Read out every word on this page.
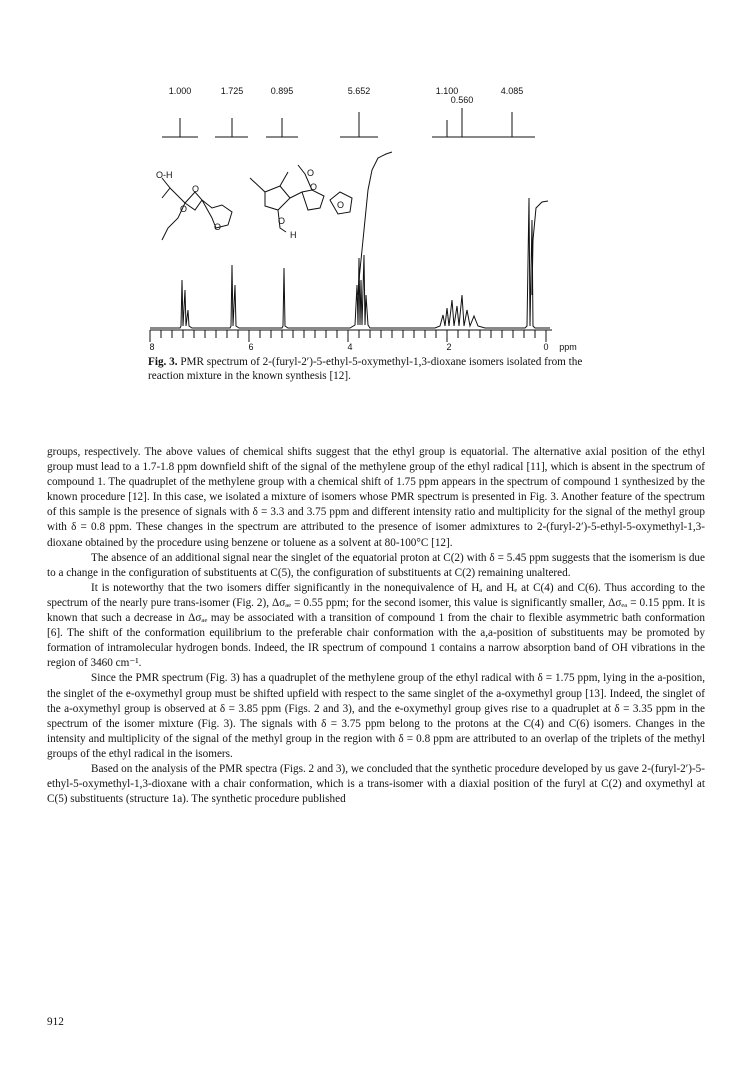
O-H
O
O
O
O
O
O
O
H
1.000	1.725	0.895	5.652	1.100
0.560
4.085
8	6	4	2	0 ppm
Fig. 3. PMR spectrum of 2-(furyl-2′)-5-ethyl-5-oxymethyl-1,3-dioxane isomers isolated from the reaction mixture in the known synthesis [12].

groups, respectively. The above values of chemical shifts suggest that the ethyl group is equatorial. The alternative axial position of the ethyl group must lead to a 1.7-1.8 ppm downfield shift of the signal of the methylene group of the ethyl radical [11], which is absent in the spectrum of compound 1. The quadruplet of the methylene group with a chemical shift of 1.75 ppm appears in the spectrum of compound 1 synthesized by the known procedure [12]. In this case, we isolated a mixture of isomers whose PMR spectrum is presented in Fig. 3. Another feature of the spectrum of this sample is the presence of signals with δ = 3.3 and 3.75 ppm and different intensity ratio and multiplicity for the signal of the methyl group with δ = 0.8 ppm. These changes in the spectrum are attributed to the presence of isomer admixtures to 2-(furyl-2′)-5-ethyl-5-oxymethyl-1,3-dioxane obtained by the procedure using benzene or toluene as a solvent at 80-100°C [12].

The absence of an additional signal near the singlet of the equatorial proton at C(2) with δ = 5.45 ppm suggests that the isomerism is due to a change in the configuration of substituents at C(5), the configuration of substituents at C(2) remaining unaltered.

It is noteworthy that the two isomers differ significantly in the nonequivalence of Hₐ and Hₑ at C(4) and C(6). Thus according to the spectrum of the nearly pure trans-isomer (Fig. 2), Δσₐₑ = 0.55 ppm; for the second isomer, this value is significantly smaller, Δσₑₐ = 0.15 ppm. It is known that such a decrease in Δσₐₑ may be associated with a transition of compound 1 from the chair to flexible asymmetric bath conformation [6]. The shift of the conformation equilibrium to the preferable chair conformation with the a,a-position of substituents may be promoted by formation of intramolecular hydrogen bonds. Indeed, the IR spectrum of compound 1 contains a narrow absorption band of OH vibrations in the region of 3460 cm⁻¹.

Since the PMR spectrum (Fig. 3) has a quadruplet of the methylene group of the ethyl radical with δ = 1.75 ppm, lying in the a-position, the singlet of the e-oxymethyl group must be shifted upfield with respect to the same singlet of the a-oxymethyl group [13]. Indeed, the singlet of the a-oxymethyl group is observed at δ = 3.85 ppm (Figs. 2 and 3), and the e-oxymethyl group gives rise to a quadruplet at δ = 3.35 ppm in the spectrum of the isomer mixture (Fig. 3). The signals with δ = 3.75 ppm belong to the protons at the C(4) and C(6) isomers. Changes in the intensity and multiplicity of the signal of the methyl group in the region with δ = 0.8 ppm are attributed to an overlap of the triplets of the methyl groups of the ethyl radical in the isomers.

Based on the analysis of the PMR spectra (Figs. 2 and 3), we concluded that the synthetic procedure developed by us gave 2-(furyl-2′)-5-ethyl-5-oxymethyl-1,3-dioxane with a chair conformation, which is a trans-isomer with a diaxial position of the furyl at C(2) and oxymethyl at C(5) substituents (structure 1a). The synthetic procedure published

912
